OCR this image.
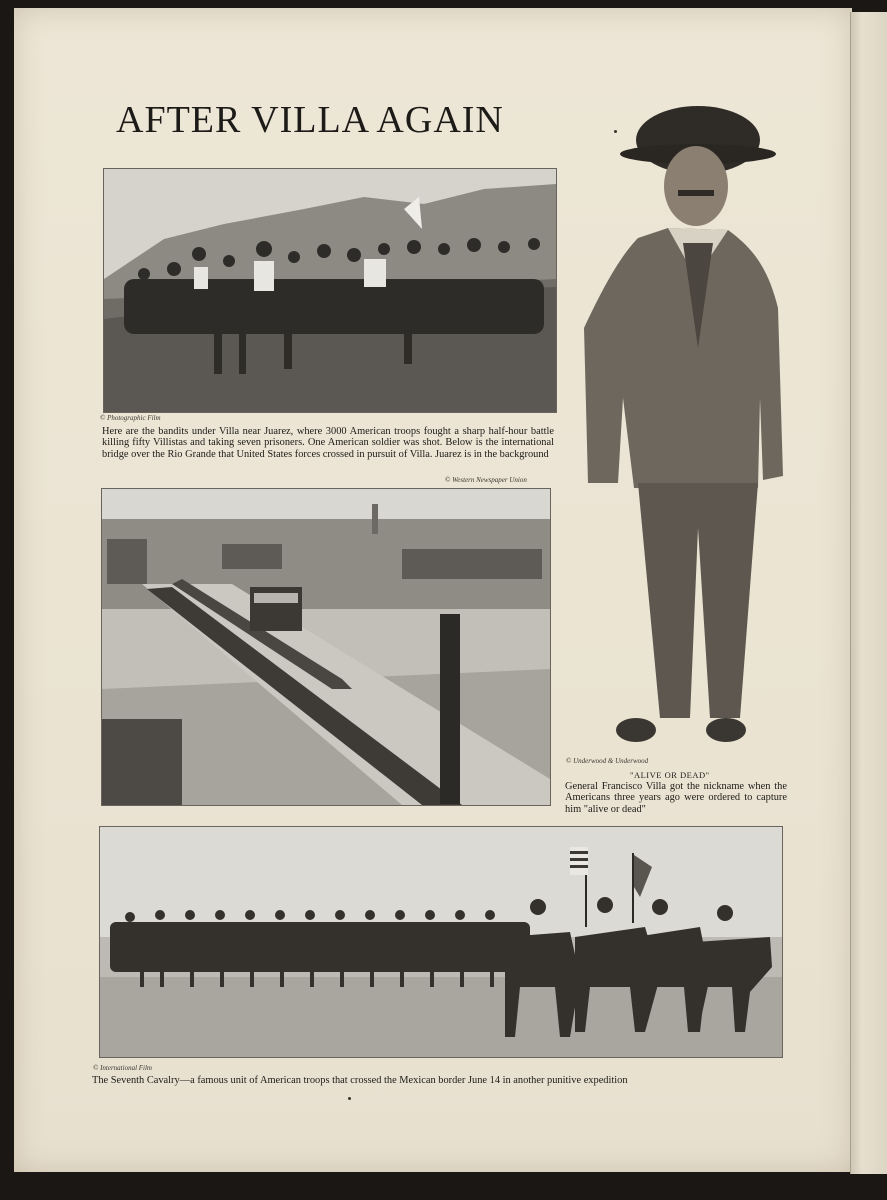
AFTER VILLA AGAIN
© Photographic Film
Here are the bandits under Villa near Juarez, where 3000 American troops fought a sharp half-hour battle killing fifty Villistas and taking seven prisoners. One American soldier was shot. Below is the international bridge over the Rio Grande that United States forces crossed in pursuit of Villa. Juarez is in the background
© Western Newspaper Union
© Underwood & Underwood
"ALIVE OR DEAD"
General Francisco Villa got the nickname when the Americans three years ago were ordered to capture him "alive or dead"
© International Film
The Seventh Cavalry—a famous unit of American troops that crossed the Mexican border June 14 in another punitive expedition
